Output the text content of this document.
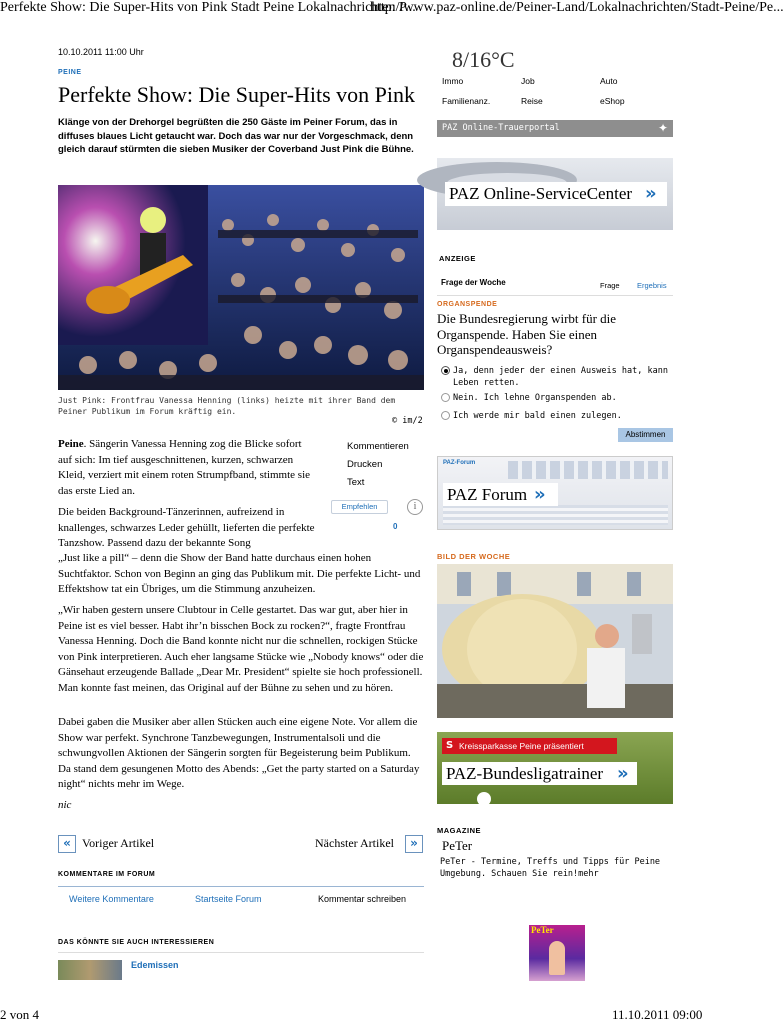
Perfekte Show: Die Super-Hits von Pink Stadt Peine Lokalnachrichten P...
http://www.paz-online.de/Peiner-Land/Lokalnachrichten/Stadt-Peine/Pe...
10.10.2011 11:00 Uhr
PEINE
Perfekte Show: Die Super-Hits von Pink

Klänge von der Drehorgel begrüßten die 250 Gäste im Peiner Forum, das in diffuses blaues Licht getaucht war. Doch das war nur der Vorgeschmack, denn gleich darauf stürmten die sieben Musiker der Coverband Just Pink die Bühne.

Just Pink: Frontfrau Vanessa Henning (links) heizte mit ihrer Band dem Peiner Publikum im Forum kräftig ein.

© im/2

Peine. Sängerin Vanessa Henning zog die Blicke sofort auf sich: Im tief ausgeschnittenen, kurzen, schwarzen Kleid, verziert mit einem roten Strumpfband, stimmte sie das erste Lied an.

Die beiden Background-Tänzerinnen, aufreizend in knallenges, schwarzes Leder gehüllt, lieferten die perfekte Tanzshow. Passend dazu der bekannte Song

„Just like a pill“ – denn die Show der Band hatte durchaus einen hohen Suchtfaktor. Schon von Beginn an ging das Publikum mit. Die perfekte Licht- und Effektshow tat ein Übriges, um die Stimmung anzuheizen.

„Wir haben gestern unsere Clubtour in Celle gestartet. Das war gut, aber hier in Peine ist es viel besser. Habt ihr’n bisschen Bock zu rocken?“, fragte Frontfrau Vanessa Henning. Doch die Band konnte nicht nur die schnellen, rockigen Stücke von Pink interpretieren. Auch eher langsame Stücke wie „Nobody knows“ oder die Gänsehaut erzeugende Ballade „Dear Mr. President“ spielte sie hoch professionell. Man konnte fast meinen, das Original auf der Bühne zu sehen und zu hören.

Dabei gaben die Musiker aber allen Stücken auch eine eigene Note. Vor allem die Show war perfekt. Synchrone Tanzbewegungen, Instrumentalsoli und die schwungvollen Aktionen der Sängerin sorgten für Begeisterung beim Publikum. Da stand dem gesungenen Motto des Abends: „Get the party started on a Saturday night“ nichts mehr im Wege.

nic

Kommentieren
Drucken
Text
Empfehlen	i
0
« Voriger Artikel	Nächster Artikel	»
KOMMENTARE IM FORUM
Weitere Kommentare	Startseite Forum	Kommentar schreiben
DAS KÖNNTE SIE AUCH INTERESSIEREN
Edemissen
8/16°C
Immo	Job	Auto
Familienanz.	Reise	eShop
PAZ Online-Trauerportal	✦
PAZ Online-ServiceCenter »
ANZEIGE
Frage der Woche	Frage Ergebnis
ORGANSPENDE

Die Bundesregierung wirbt für die Organspende. Haben Sie einen Organspendeausweis?

Ja, denn jeder der einen Ausweis hat, kann Leben retten.

Nein. Ich lehne Organspenden ab.
Ich werde mir bald einen zulegen.
Abstimmen
PAZ-Forum
PAZ Forum »
BILD DER WOCHE
S Kreissparkasse Peine präsentiert
PAZ-Bundesligatrainer »
MAGAZINE
PeTer

PeTer - Termine, Treffs und Tipps für Peine Umgebung. Schauen Sie rein!mehr

PeTer
2 von 4	11.10.2011 09:00
